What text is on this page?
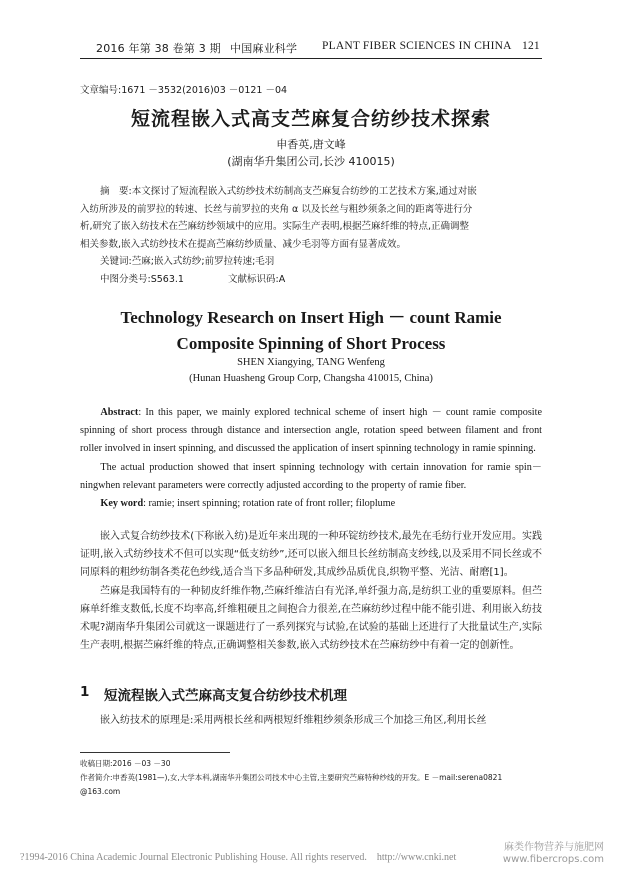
2016 年第 38 卷第 3 期 中国麻业科学 PLANT FIBER SCIENCES IN CHINA 121
文章编号:1671 －3532(2016)03 －0121 －04
短流程嵌入式高支苎麻复合纺纱技术探索
申香英,唐文峰
(湖南华升集团公司,长沙 410015)
摘　要:本文探讨了短流程嵌入式纺纱技术纺制高支苎麻复合纺纱的工艺技术方案,通过对嵌
入纺所涉及的前罗拉的转速、长丝与前罗拉的夹角 α 以及长丝与粗纱须条之间的距离等进行分
析,研究了嵌入纺技术在苎麻纺纱领域中的应用。实际生产表明,根据苎麻纤维的特点,正确调整
相关参数,嵌入式纺纱技术在提高苎麻纺纱质量、减少毛羽等方面有显著成效。
关键词:苎麻;嵌入式纺纱;前罗拉转速;毛羽
中图分类号:S563.1	文献标识码:A
Technology Research on Insert High － count Ramie
Composite Spinning of Short Process
SHEN Xiangying, TANG Wenfeng
(Hunan Huasheng Group Corp, Changsha 410015, China)
Abstract: In this paper, we mainly explored technical scheme of insert high － count ramie composite spinning of short process through distance and intersection angle, rotation speed between filament and front roller involved in insert spinning, and discussed the application of insert spinning technology in ramie spinning.
The actual production showed that insert spinning technology with certain innovation for ramie spin－ningwhen relevant parameters were correctly adjusted according to the property of ramie fiber.
Key word: ramie; insert spinning; rotation rate of front roller; filoplume
嵌入式复合纺纱技术(下称嵌入纺)是近年来出现的一种环锭纺纱技术,最先在毛纺行业开发应用。实践证明,嵌入式纺纱技术不但可以实现“低支纺纱”,还可以嵌入细旦长丝纺制高支纱线,以及采用不同长丝或不同原料的粗纱纺制各类花色纱线,适合当下多品种研发,其成纱品质优良,织物平整、光洁、耐磨[1]。
苎麻是我国特有的一种韧皮纤维作物,苎麻纤维洁白有光泽,单纤强力高,是纺织工业的重要原料。但苎麻单纤维支数低,长度不均率高,纤维粗硬且之间抱合力很差,在苎麻纺纱过程中能不能引进、利用嵌入纺技术呢?湖南华升集团公司就这一课题进行了一系列探究与试验,在试验的基础上还进行了大批量试生产,实际生产表明,根据苎麻纤维的特点,正确调整相关参数,嵌入式纺纱技术在苎麻纺纱中有着一定的创新性。
1 短流程嵌入式苎麻高支复合纺纱技术机理
嵌入纺技术的原理是:采用两根长丝和两根短纤维粗纱须条形成三个加捻三角区,利用长丝
收稿日期:2016 －03 －30
作者简介:申香英(1981—),女,大学本科,湖南华升集团公司技术中心主管,主要研究苎麻特种纱线的开发。E －mail:serena0821
@163.com
?1994-2016 China Academic Journal Electronic Publishing House. All rights reserved.　http://www.cnki.net
麻类作物营养与施肥网
www.fibercrops.com
